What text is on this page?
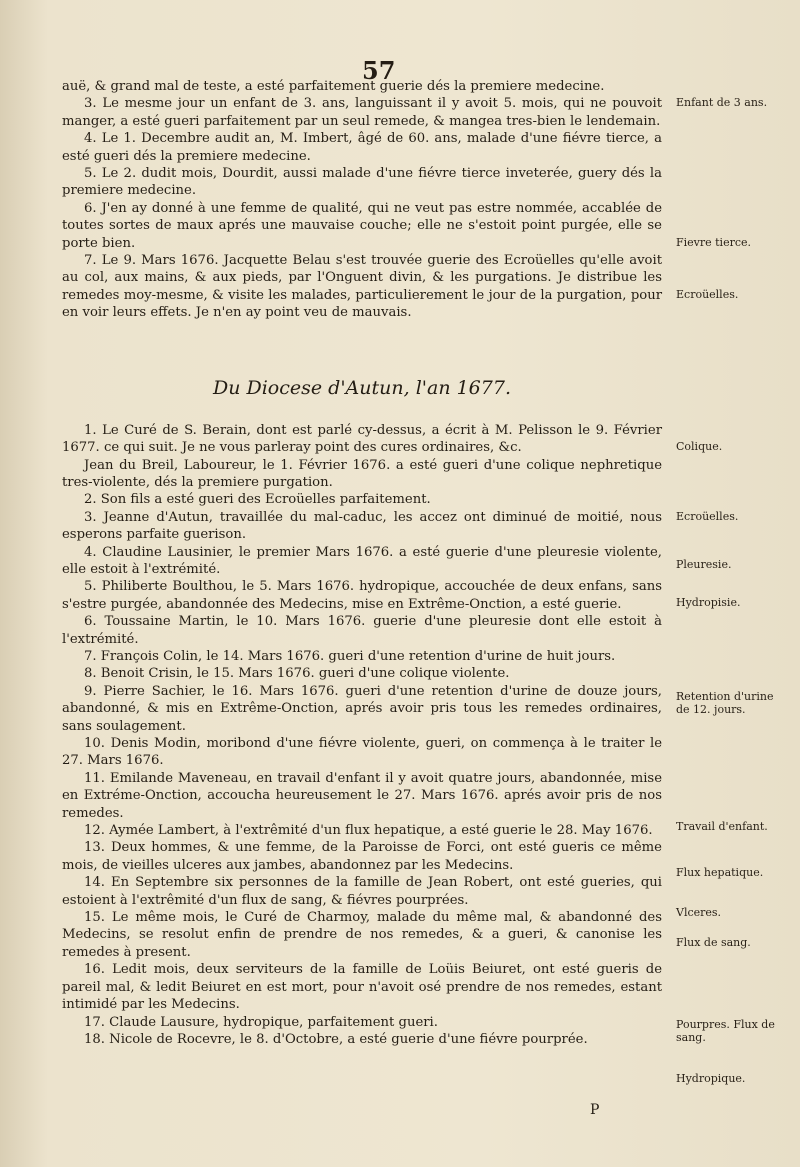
57

auë, & grand mal de teste, a esté parfaitement guerie dés la premiere medecine.

3. Le mesme jour un enfant de 3. ans, languissant il y avoit 5. mois, qui ne pouvoit manger, a esté gueri parfaitement par un seul remede, & mangea tres-bien le lendemain.

4. Le 1. Decembre audit an, M. Imbert, âgé de 60. ans, malade d'une fiévre tierce, a esté gueri dés la premiere medecine.

5. Le 2. dudit mois, Dourdit, aussi malade d'une fiévre tierce inveterée, guery dés la premiere medecine.

6. J'en ay donné à une femme de qualité, qui ne veut pas estre nommée, accablée de toutes sortes de maux aprés une mauvaise couche; elle ne s'estoit point purgée, elle se porte bien.

7. Le 9. Mars 1676. Jacquette Belau s'est trouvée guerie des Ecroüelles qu'elle avoit au col, aux mains, & aux pieds, par l'Onguent divin, & les purgations. Je distribue les remedes moy-mesme, & visite les malades, particulierement le jour de la purgation, pour en voir leurs effets. Je n'en ay point veu de mauvais.

Du Diocese d'Autun, l'an 1677.

1. Le Curé de S. Berain, dont est parlé cy-dessus, a écrit à M. Pelisson le 9. Février 1677. ce qui suit. Je ne vous parleray point des cures ordinaires, &c.

Jean du Breil, Laboureur, le 1. Février 1676. a esté gueri d'une colique nephretique tres-violente, dés la premiere purgation.

2. Son fils a esté gueri des Ecroüelles parfaitement.

3. Jeanne d'Autun, travaillée du mal-caduc, les accez ont diminué de moitié, nous esperons parfaite guerison.

4. Claudine Lausinier, le premier Mars 1676. a esté guerie d'une pleuresie violente, elle estoit à l'extrémité.

5. Philiberte Boulthou, le 5. Mars 1676. hydropique, accouchée de deux enfans, sans s'estre purgée, abandonnée des Medecins, mise en Extrême-Onction, a esté guerie.

6. Toussaine Martin, le 10. Mars 1676. guerie d'une pleuresie dont elle estoit à l'extrémité.

7. François Colin, le 14. Mars 1676. gueri d'une retention d'urine de huit jours.

8. Benoit Crisin, le 15. Mars 1676. gueri d'une colique violente.

9. Pierre Sachier, le 16. Mars 1676. gueri d'une retention d'urine de douze jours, abandonné, & mis en Extrême-Onction, aprés avoir pris tous les remedes ordinaires, sans soulagement.

10. Denis Modin, moribond d'une fiévre violente, gueri, on commença à le traiter le 27. Mars 1676.

11. Emilande Maveneau, en travail d'enfant il y avoit quatre jours, abandonnée, mise en Extréme-Onction, accoucha heureusement le 27. Mars 1676. aprés avoir pris de nos remedes.

12. Aymée Lambert, à l'extrêmité d'un flux hepatique, a esté guerie le 28. May 1676.

13. Deux hommes, & une femme, de la Paroisse de Forci, ont esté gueris ce même mois, de vieilles ulceres aux jambes, abandonnez par les Medecins.

14. En Septembre six personnes de la famille de Jean Robert, ont esté gueries, qui estoient à l'extrêmité d'un flux de sang, & fiévres pourprées.

15. Le même mois, le Curé de Charmoy, malade du même mal, & abandonné des Medecins, se resolut enfin de prendre de nos remedes, & a gueri, & canonise les remedes à present.

16. Ledit mois, deux serviteurs de la famille de Loüis Beiuret, ont esté gueris de pareil mal, & ledit Beiuret en est mort, pour n'avoit osé prendre de nos remedes, estant intimidé par les Medecins.

17. Claude Lausure, hydropique, parfaitement gueri.

18. Nicole de Rocevre, le 8. d'Octobre, a esté guerie d'une fiévre pourprée.

Enfant de 3 ans.
Fievre tierce.
Ecroüelles.
Colique.
Ecroüelles.
Pleuresie.
Hydropisie.
Retention d'urine de 12. jours.
Travail d'enfant.
Flux hepatique.
Vlceres.
Flux de sang.
Pourpres. Flux de sang.
Hydropique.
P
